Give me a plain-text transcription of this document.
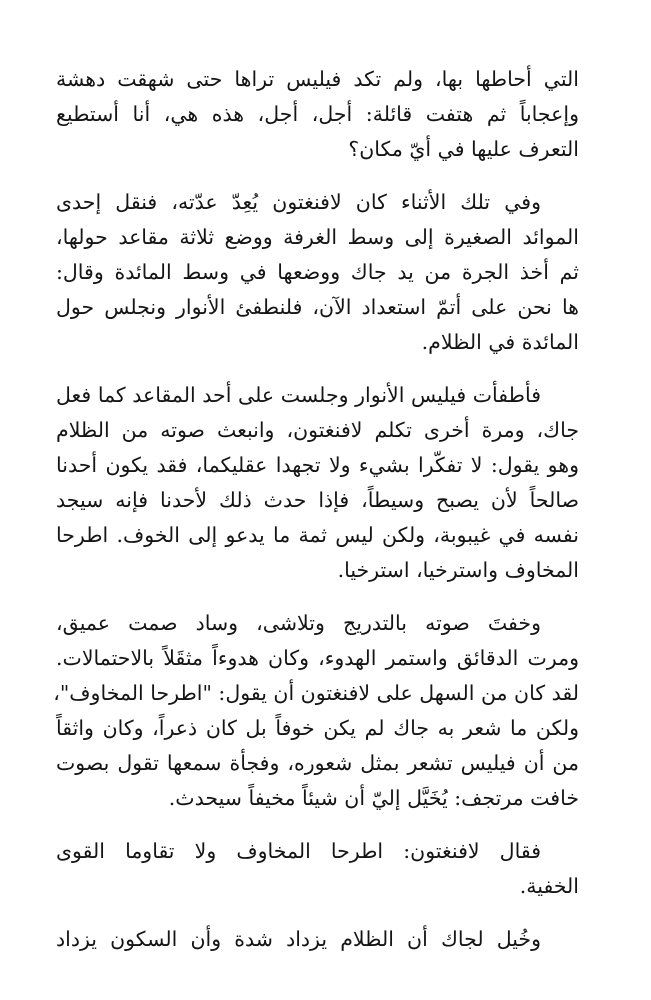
التي أحاطها بها، ولم تكد فيليس تراها حتى شهقت دهشة
وإعجاباً ثم هتفت قائلة: أجل، أجل، هذه هي، أنا أستطيع
التعرف عليها في أيّ مكان؟

وفي تلك الأثناء كان لافنغتون يُعِدّ عدّته، فنقل إحدى
الموائد الصغيرة إلى وسط الغرفة ووضع ثلاثة مقاعد حولها،
ثم أخذ الجرة من يد جاك ووضعها في وسط المائدة وقال:
ها نحن على أتمّ استعداد الآن، فلنطفئ الأنوار ونجلس حول
المائدة في الظلام.

فأطفأت فيليس الأنوار وجلست على أحد المقاعد كما فعل
جاك، ومرة أخرى تكلم لافنغتون، وانبعث صوته من الظلام
وهو يقول: لا تفكّرا بشيء ولا تجهدا عقليكما، فقد يكون أحدنا
صالحاً لأن يصبح وسيطاً، فإذا حدث ذلك لأحدنا فإنه سيجد
نفسه في غيبوبة، ولكن ليس ثمة ما يدعو إلى الخوف. اطرحا
المخاوف واسترخيا، استرخيا.

وخفتَ صوته بالتدريج وتلاشى، وساد صمت عميق،
ومرت الدقائق واستمر الهدوء، وكان هدوءاً مثقَلاً بالاحتمالات.
لقد كان من السهل على لافنغتون أن يقول: "اطرحا المخاوف"،
ولكن ما شعر به جاك لم يكن خوفاً بل كان ذعراً، وكان واثقاً
من أن فيليس تشعر بمثل شعوره، وفجأة سمعها تقول بصوت
خافت مرتجف: يُخَيَّل إليّ أن شيئاً مخيفاً سيحدث.

فقال لافنغتون: اطرحا المخاوف ولا تقاوما القوى
الخفية.

وخُيل لجاك أن الظلام يزداد شدة وأن السكون يزداد
